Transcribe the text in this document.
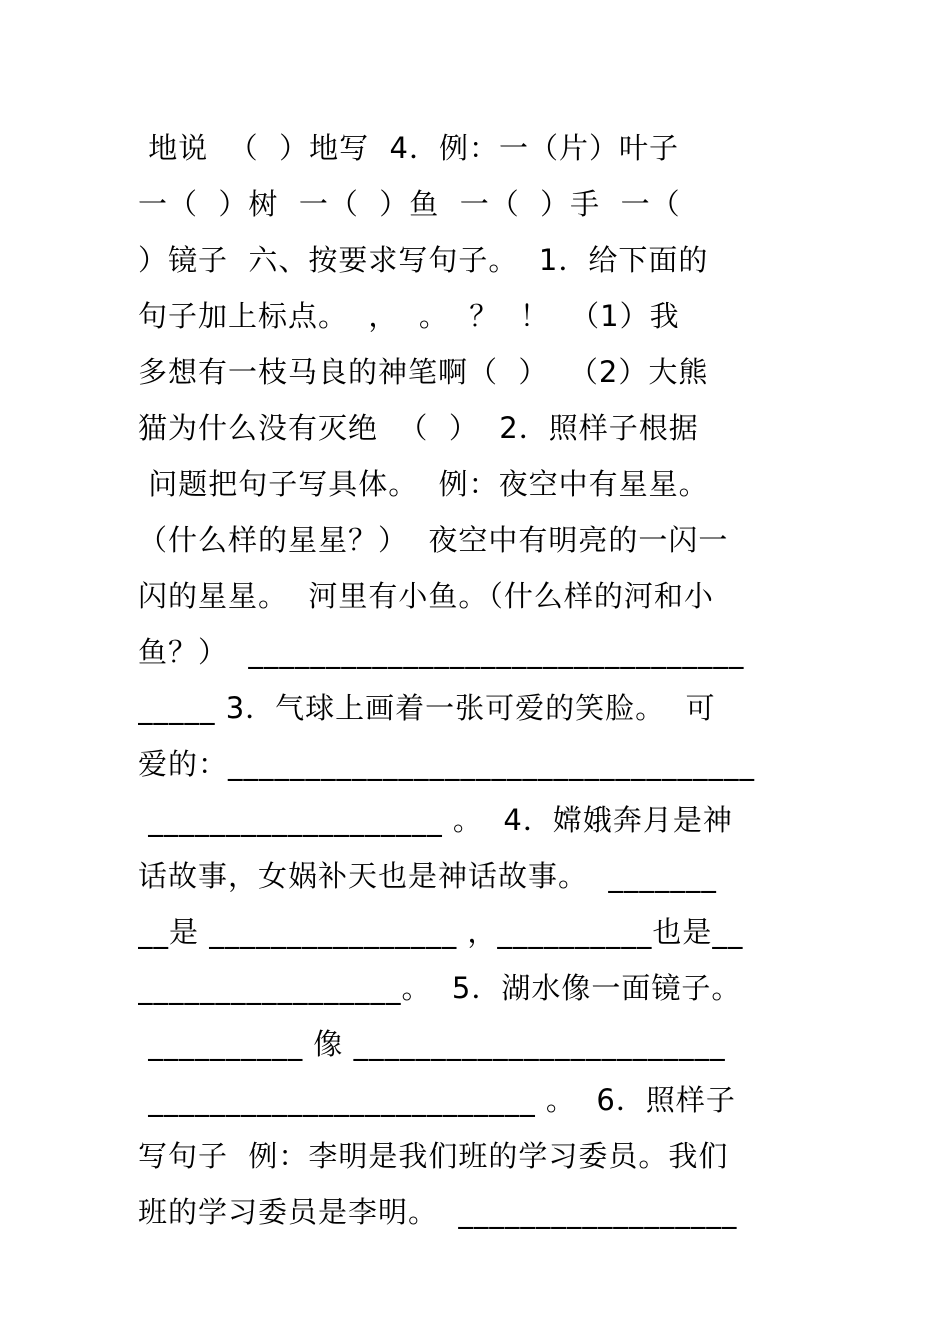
地说  （  ）地写  4．例：一（片）叶子
一（  ）树  一（  ）鱼  一（  ）手  一（
）镜子  六、按要求写句子。  1．给下面的
句子加上标点。  ，  。  ？  ！  （1）我
多想有一枝马良的神笔啊（  ）  （2）大熊
猫为什么没有灭绝  （  ）  2．照样子根据
问题把句子写具体。  例：夜空中有星星。
（什么样的星星？）  夜空中有明亮的一闪一
闪的星星。  河里有小鱼。（什么样的河和小
鱼？）  ________________________________
_____ 3．气球上画着一张可爱的笑脸。  可
爱的：__________________________________
___________________ 。  4．嫦娥奔月是神
话故事，女娲补天也是神话故事。  _______
__是 ________________ ，__________也是__
_________________。  5．湖水像一面镜子。
__________ 像 ________________________
_________________________ 。  6．照样子
写句子  例：李明是我们班的学习委员。我们
班的学习委员是李明。  __________________
